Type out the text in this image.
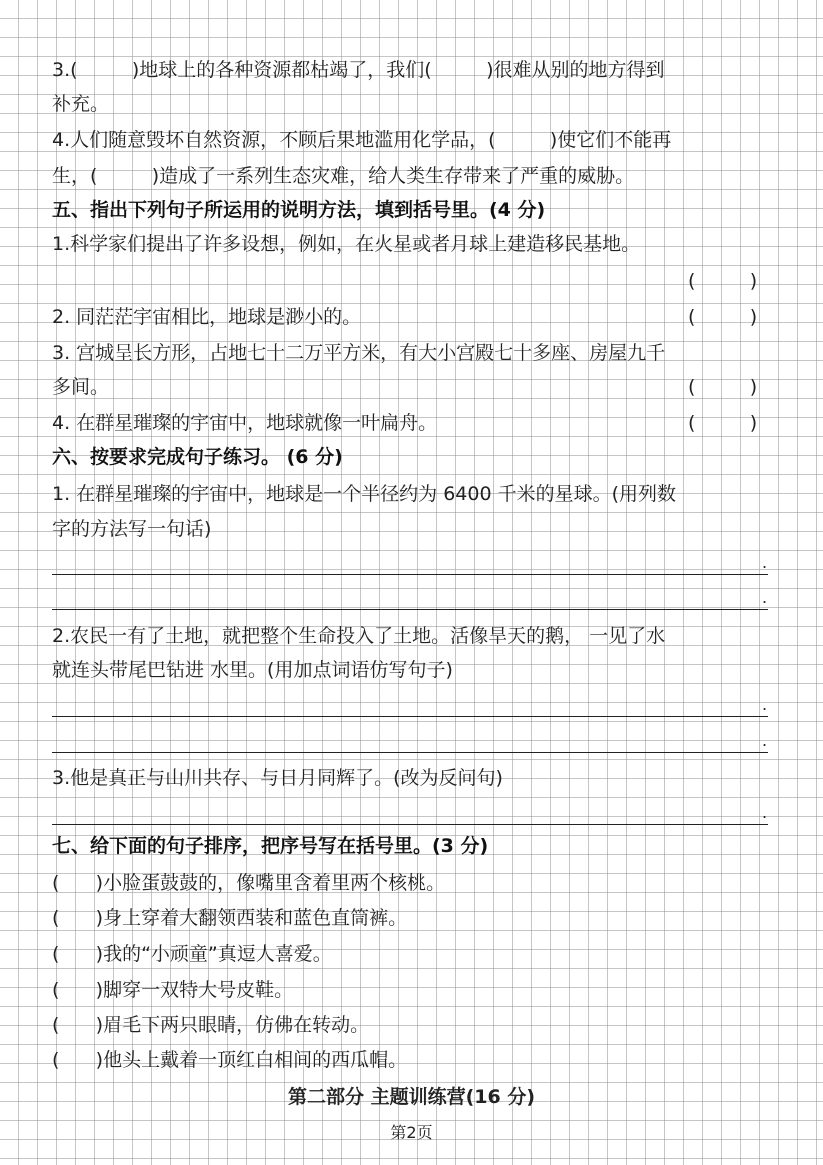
3.(         )地球上的各种资源都枯竭了，我们(         )很难从别的地方得到
补充。
4.人们随意毁坏自然资源，不顾后果地滥用化学品，(         )使它们不能再
生，(         )造成了一系列生态灾难，给人类生存带来了严重的威胁。
五、指出下列句子所运用的说明方法，填到括号里。(4 分)
1.科学家们提出了许多设想，例如，在火星或者月球上建造移民基地。
(         )
2. 同茫茫宇宙相比，地球是渺小的。	(         )
3. 宫城呈长方形，占地七十二万平方米，有大小宫殿七十多座、房屋九千
多间。	(         )
4. 在群星璀璨的宇宙中，地球就像一叶扁舟。	(         )
六、按要求完成句子练习。 (6 分)
1. 在群星璀璨的宇宙中，地球是一个半径约为 6400 千米的星球。(用列数
字的方法写一句话)
.
.
2.农民一有了土地，就把整个生命投入了土地。活像旱天的鹅， 一见了水
就连头带尾巴钻进 水里。(用加点词语仿写句子)
.
.
3.他是真正与山川共存、与日月同辉了。(改为反问句)
.
七、给下面的句子排序，把序号写在括号里。(3 分)
(      )小脸蛋鼓鼓的，像嘴里含着里两个核桃。
(      )身上穿着大翻领西装和蓝色直筒裤。
(      )我的“小顽童”真逗人喜爱。
(      )脚穿一双特大号皮鞋。
(      )眉毛下两只眼睛，仿佛在转动。
(      )他头上戴着一顶红白相间的西瓜帽。
第二部分 主题训练营(16 分)
第2页
